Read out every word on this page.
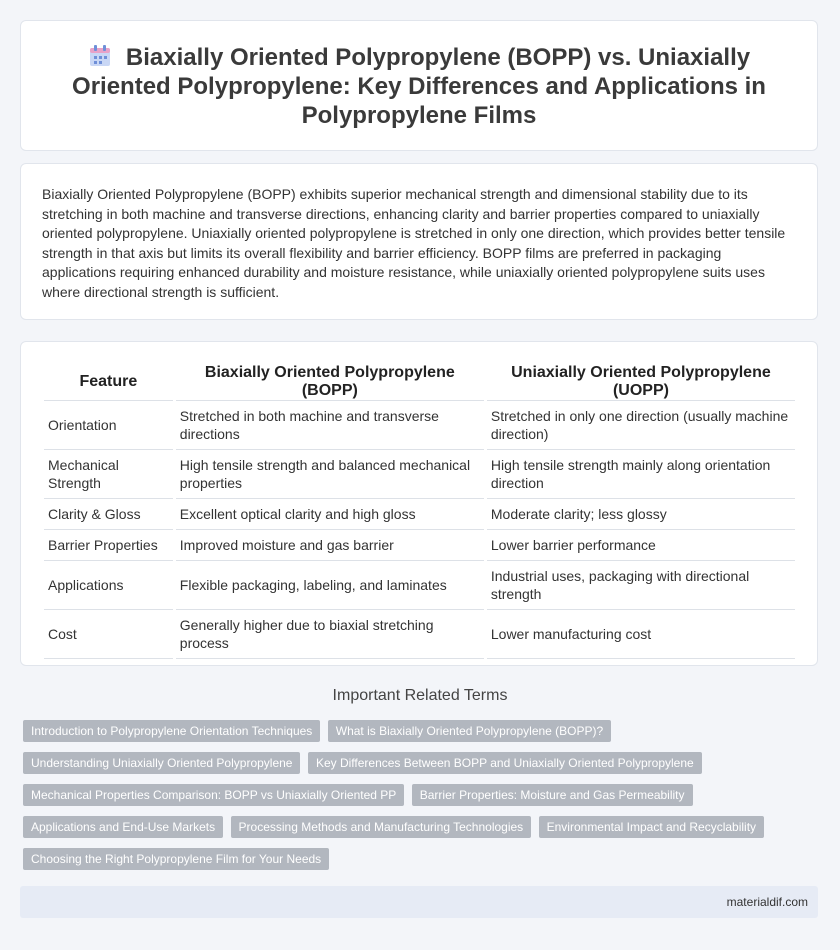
Biaxially Oriented Polypropylene (BOPP) vs. Uniaxially Oriented Polypropylene: Key Differences and Applications in Polypropylene Films

Biaxially Oriented Polypropylene (BOPP) exhibits superior mechanical strength and dimensional stability due to its stretching in both machine and transverse directions, enhancing clarity and barrier properties compared to uniaxially oriented polypropylene. Uniaxially oriented polypropylene is stretched in only one direction, which provides better tensile strength in that axis but limits its overall flexibility and barrier efficiency. BOPP films are preferred in packaging applications requiring enhanced durability and moisture resistance, while uniaxially oriented polypropylene suits uses where directional strength is sufficient.

Feature	Biaxially Oriented Polypropylene (BOPP)	Uniaxially Oriented Polypropylene (UOPP)
Orientation	Stretched in both machine and transverse directions	Stretched in only one direction (usually machine direction)
Mechanical Strength	High tensile strength and balanced mechanical properties	High tensile strength mainly along orientation direction
Clarity & Gloss	Excellent optical clarity and high gloss	Moderate clarity; less glossy
Barrier Properties	Improved moisture and gas barrier	Lower barrier performance
Applications	Flexible packaging, labeling, and laminates	Industrial uses, packaging with directional strength
Cost	Generally higher due to biaxial stretching process	Lower manufacturing cost
Important Related Terms
Introduction to Polypropylene Orientation Techniques What is Biaxially Oriented Polypropylene (BOPP)?
Understanding Uniaxially Oriented Polypropylene Key Differences Between BOPP and Uniaxially Oriented Polypropylene
Mechanical Properties Comparison: BOPP vs Uniaxially Oriented PP Barrier Properties: Moisture and Gas Permeability
Applications and End-Use Markets Processing Methods and Manufacturing Technologies Environmental Impact and Recyclability
Choosing the Right Polypropylene Film for Your Needs
materialdif.com
